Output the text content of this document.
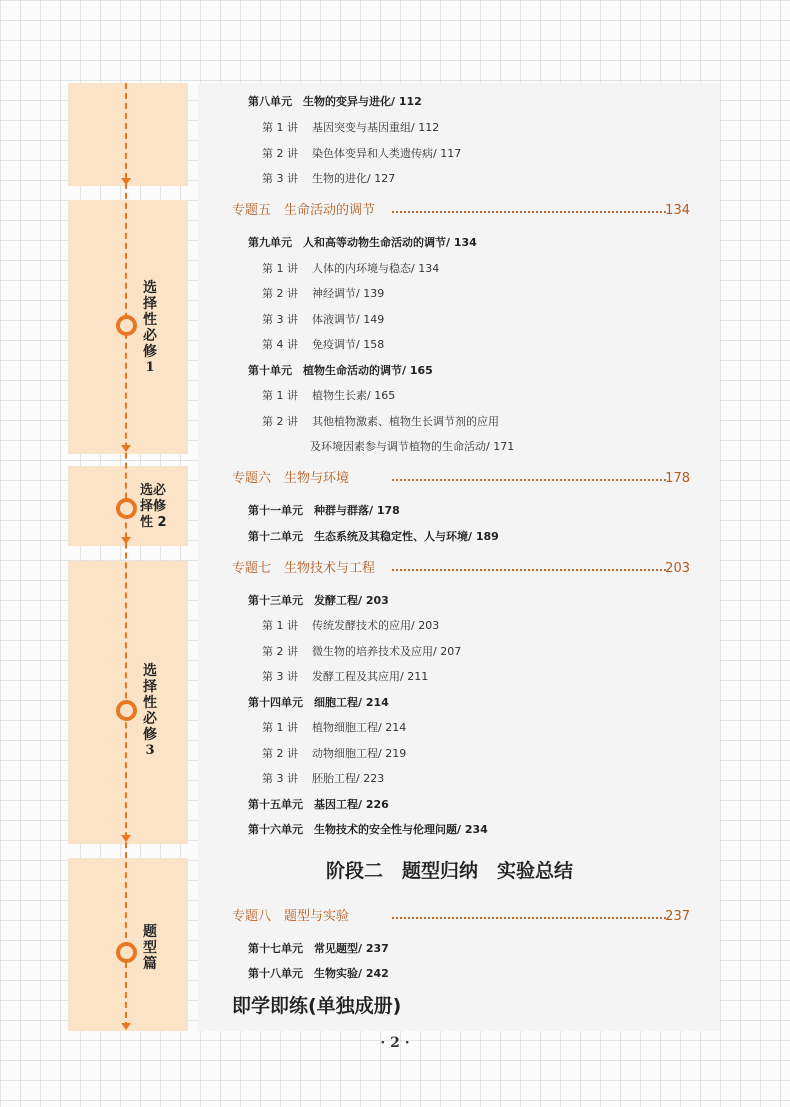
选
择
性
必
修
1
选必
择修
性 2
选
择
性
必
修
3
题
型
篇
第八单元　 生物的变异与进化/ 112
第 1 讲 基因突变与基因重组/ 112
第 2 讲 染色体变异和人类遗传病/ 117
第 3 讲 生物的进化/ 127
专题五　生命活动的调节	134
第九单元　 人和高等动物生命活动的调节/ 134
第 1 讲 人体的内环境与稳态/ 134
第 2 讲 神经调节/ 139
第 3 讲 体液调节/ 149
第 4 讲 免疫调节/ 158
第十单元　 植物生命活动的调节/ 165
第 1 讲 植物生长素/ 165
第 2 讲 其他植物激素、植物生长调节剂的应用
及环境因素参与调节植物的生命活动/ 171
专题六　生物与环境	178
第十一单元　 种群与群落/ 178
第十二单元　 生态系统及其稳定性、人与环境/ 189
专题七　生物技术与工程	203
第十三单元　 发酵工程/ 203
第 1 讲 传统发酵技术的应用/ 203
第 2 讲 微生物的培养技术及应用/ 207
第 3 讲 发酵工程及其应用/ 211
第十四单元　 细胞工程/ 214
第 1 讲 植物细胞工程/ 214
第 2 讲 动物细胞工程/ 219
第 3 讲 胚胎工程/ 223
第十五单元　 基因工程/ 226
第十六单元　 生物技术的安全性与伦理问题/ 234
阶段二　题型归纳　实验总结
专题八　题型与实验	237
第十七单元　 常见题型/ 237
第十八单元　 生物实验/ 242
即学即练(单独成册)
· 2 ·
